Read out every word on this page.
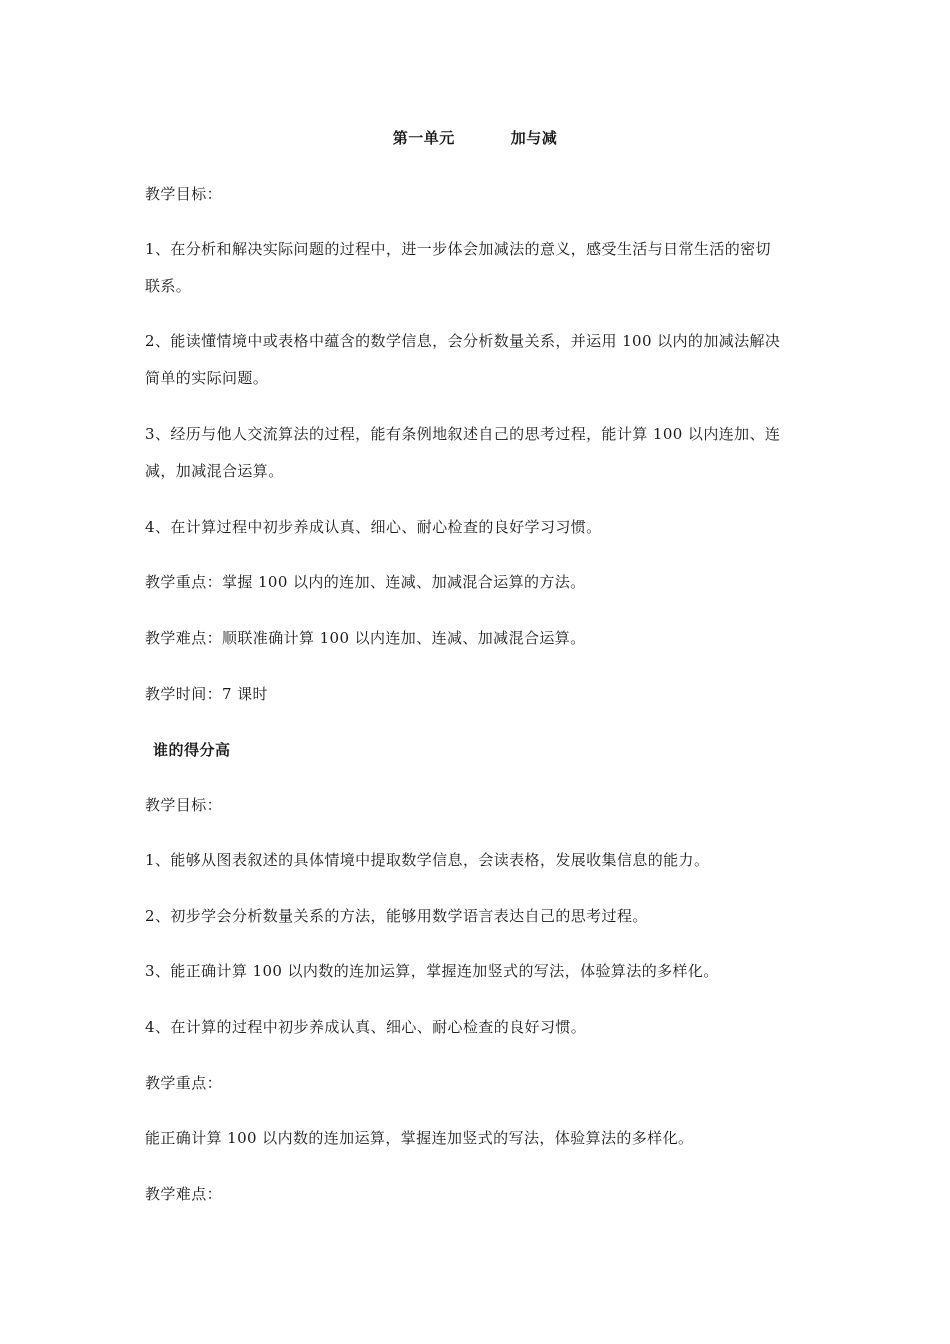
第一单元	加与减
教学目标：
1、在分析和解决实际问题的过程中，进一步体会加减法的意义，感受生活与日常生活的密切
联系。
2、能读懂情境中或表格中蕴含的数学信息，会分析数量关系，并运用 100 以内的加减法解决
简单的实际问题。
3、经历与他人交流算法的过程，能有条例地叙述自己的思考过程，能计算 100 以内连加、连
减，加减混合运算。
4、在计算过程中初步养成认真、细心、耐心检查的良好学习习惯。
教学重点：掌握 100 以内的连加、连减、加减混合运算的方法。
教学难点：顺联准确计算 100 以内连加、连减、加减混合运算。
教学时间：7 课时
谁的得分高
教学目标：
1、能够从图表叙述的具体情境中提取数学信息，会读表格，发展收集信息的能力。
2、初步学会分析数量关系的方法，能够用数学语言表达自己的思考过程。
3、能正确计算 100 以内数的连加运算，掌握连加竖式的写法，体验算法的多样化。
4、在计算的过程中初步养成认真、细心、耐心检查的良好习惯。
教学重点：
能正确计算 100 以内数的连加运算，掌握连加竖式的写法，体验算法的多样化。
教学难点：
